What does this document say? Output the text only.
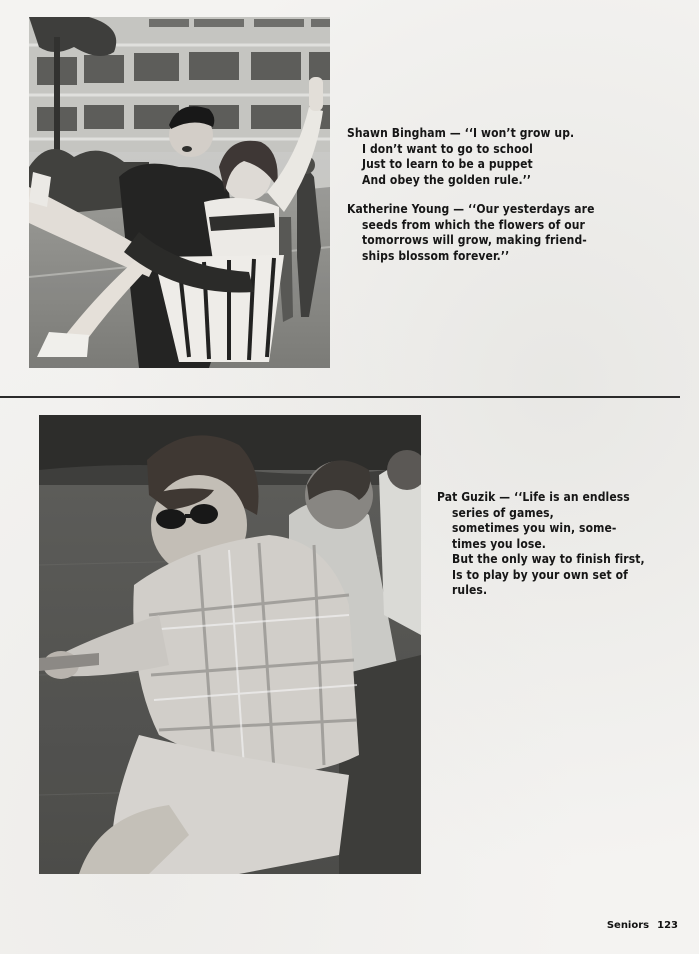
Shawn Bingham — ‘‘I won’t grow up.
I don’t want to go to school
Just to learn to be a puppet
And obey the golden rule.’’
Katherine Young — ‘‘Our yesterdays are
seeds from which the flowers of our
tomorrows will grow, making friend-
ships blossom forever.’’
Pat Guzik — ‘‘Life is an endless
series of games,
sometimes you win, some-
times you lose.
But the only way to finish first,
Is to play by your own set of
rules.
Seniors 123
